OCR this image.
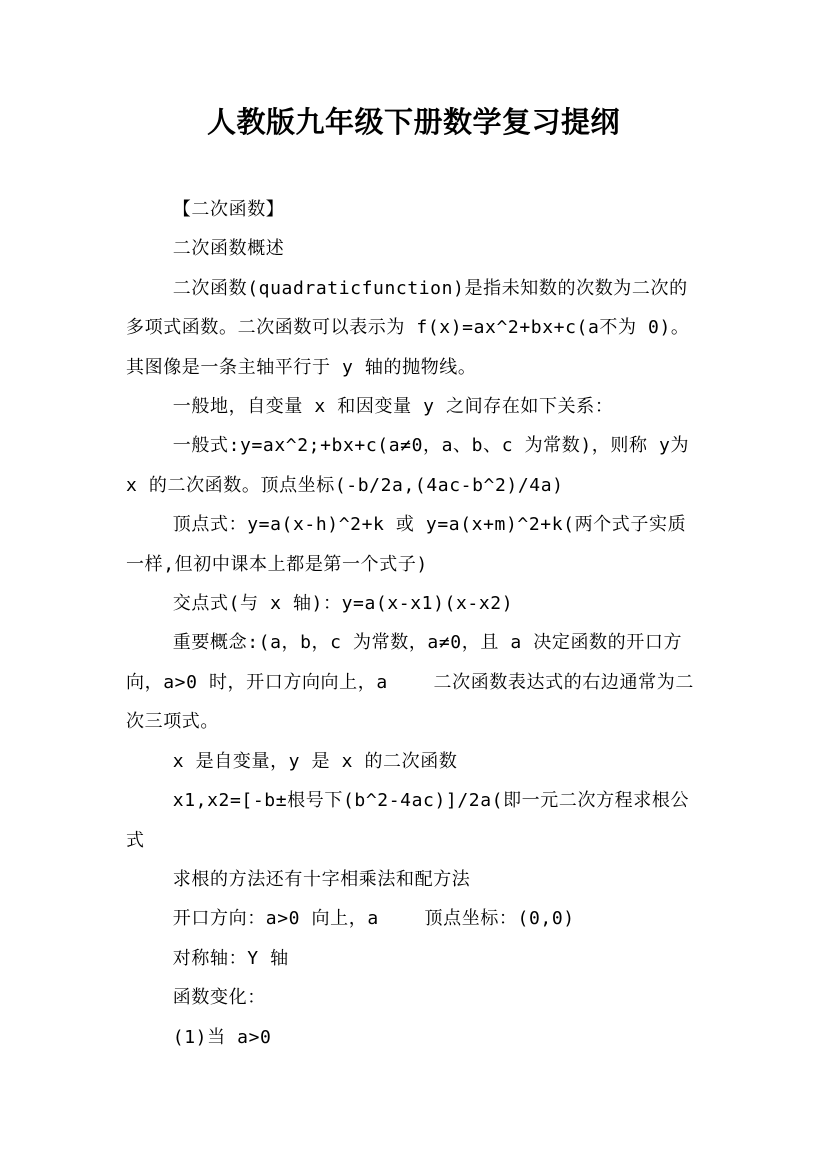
人教版九年级下册数学复习提纲

【二次函数】

二次函数概述

二次函数(quadraticfunction)是指未知数的次数为二次的多项式函数。二次函数可以表示为 f(x)=ax^2+bx+c(a不为 0)。其图像是一条主轴平行于 y 轴的抛物线。

一般地，自变量 x 和因变量 y 之间存在如下关系：

一般式:y=ax^2;+bx+c(a≠0，a、b、c 为常数)，则称 y为 x 的二次函数。顶点坐标(-b/2a,(4ac-b^2)/4a)

顶点式：y=a(x-h)^2+k 或 y=a(x+m)^2+k(两个式子实质一样,但初中课本上都是第一个式子)

交点式(与 x 轴)：y=a(x-x1)(x-x2)

重要概念:(a，b，c 为常数，a≠0，且 a 决定函数的开口方向，a>0 时，开口方向向上，a    二次函数表达式的右边通常为二次三项式。

x 是自变量，y 是 x 的二次函数

x1,x2=[-b±根号下(b^2-4ac)]/2a(即一元二次方程求根公式

求根的方法还有十字相乘法和配方法

开口方向：a>0 向上，a    顶点坐标：(0,0)

对称轴：Y 轴

函数变化：

(1)当 a>0
